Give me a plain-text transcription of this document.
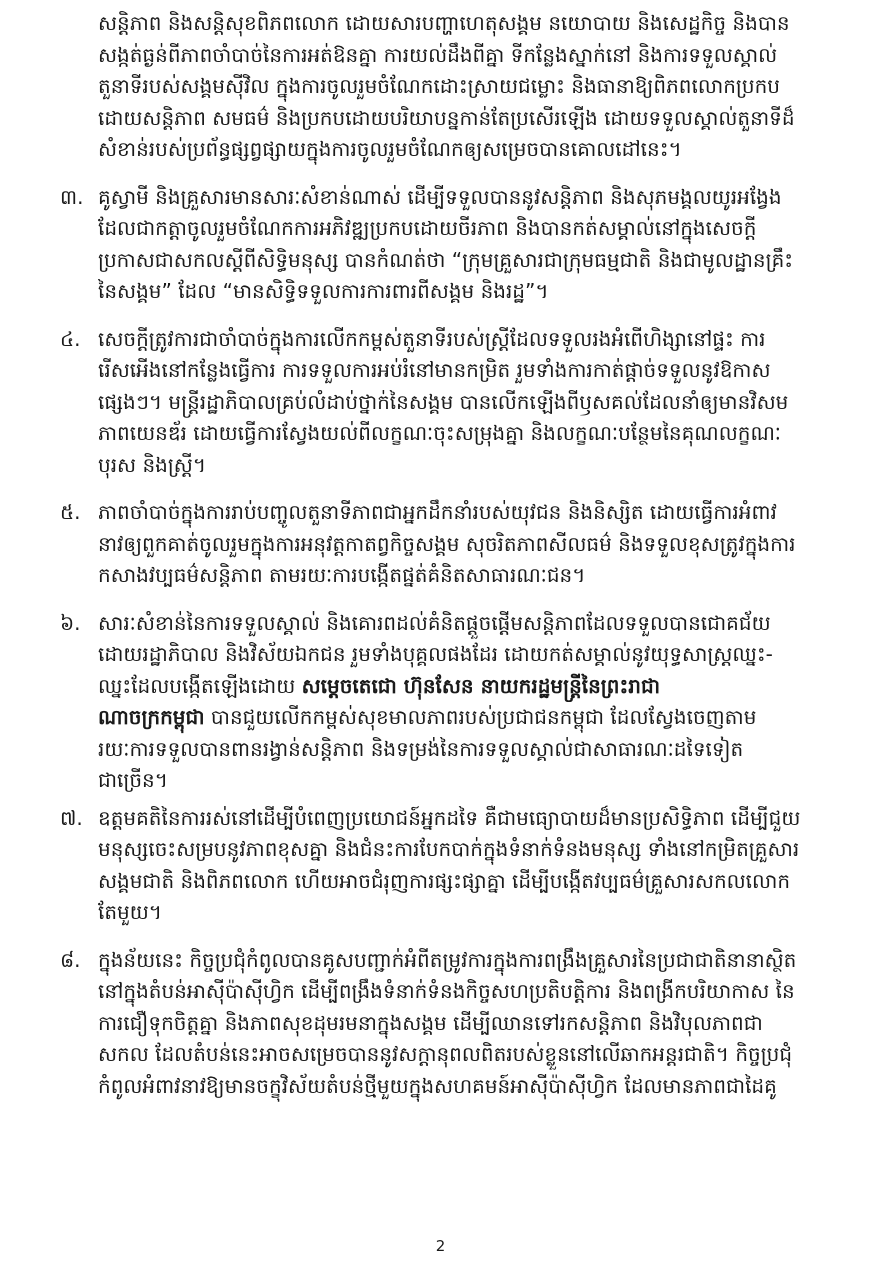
សន្តិភាព និងសន្តិសុខពិភពលោក ដោយសារបញ្ហាហេតុសង្គម នយោបាយ និងសេដ្ឋកិច្ច និងបាន
សង្កត់ធ្ងន់ពីភាពចាំបាច់នៃការអត់ឱនគ្នា ការយល់ដឹងពីគ្នា ទីកន្លែងស្នាក់នៅ និងការទទួលស្គាល់
តួនាទីរបស់សង្គមស៊ីវិល ក្នុងការចូលរួមចំណែកដោះស្រាយជម្លោះ និងធានាឱ្យពិភពលោកប្រកប
ដោយសន្តិភាព សមធម៌ និងប្រកបដោយបរិយាបន្នកាន់តែប្រសើរឡើង ដោយទទួលស្គាល់តួនាទីដ៏
សំខាន់របស់ប្រព័ន្ធផ្សព្វផ្សាយក្នុងការចូលរួមចំណែកឲ្យសម្រេចបានគោលដៅនេះ។
៣. គូស្វាមី និងគ្រួសារមានសារៈសំខាន់ណាស់ ដើម្បីទទួលបាននូវសន្តិភាព និងសុភមង្គលយូរអង្វែង
ដែលជាកត្តាចូលរួមចំណែកការអភិវឌ្ឍប្រកបដោយចីរភាព និងបានកត់សម្គាល់នៅក្នុងសេចក្តី
ប្រកាសជាសកលស្តីពីសិទ្ធិមនុស្ស បានកំណត់ថា “ក្រុមគ្រួសារជាក្រុមធម្មជាតិ និងជាមូលដ្ឋានគ្រឹះ
នៃសង្គម” ដែល “មានសិទ្ធិទទួលការការពារពីសង្គម និងរដ្ឋ”។
៤. សេចក្តីត្រូវការជាចាំបាច់ក្នុងការលើកកម្ពស់តួនាទីរបស់ស្ត្រីដែលទទួលរងអំពើហិង្សានៅផ្ទះ ការ
រើសអើងនៅកន្លែងធ្វើការ ការទទួលការអប់រំនៅមានកម្រិត រួមទាំងការកាត់ផ្តាច់ទទួលនូវឱកាស
ផ្សេងៗ។ មន្ត្រីរដ្ឋាភិបាលគ្រប់លំដាប់ថ្នាក់នៃសង្គម បានលើកឡើងពីឫសគល់ដែលនាំឲ្យមានវិសម
ភាពយេនឌ័រ ដោយធ្វើការស្វែងយល់ពីលក្ខណៈចុះសម្រុងគ្នា និងលក្ខណៈបន្ថែមនៃគុណលក្ខណៈ
បុរស និងស្ត្រី។
៥. ភាពចាំបាច់ក្នុងការរាប់បញ្ចូលតួនាទីភាពជាអ្នកដឹកនាំរបស់យុវជន និងនិស្សិត ដោយធ្វើការអំពាវ
នាវឲ្យពួកគាត់ចូលរួមក្នុងការអនុវត្តកាតព្វកិច្ចសង្គម សុចរិតភាពសីលធម៌ និងទទួលខុសត្រូវក្នុងការ
កសាងវប្បធម៌សន្តិភាព តាមរយៈការបង្កើតផ្នត់គំនិតសាធារណៈជន។
៦. សារៈសំខាន់នៃការទទួលស្គាល់ និងគោរពដល់គំនិតផ្តួចផ្តើមសន្តិភាពដែលទទួលបានជោគជ័យ
ដោយរដ្ឋាភិបាល និងវិស័យឯកជន រួមទាំងបុគ្គលផងដែរ ដោយកត់សម្គាល់នូវយុទ្ធសាស្ត្រឈ្នះ-
ឈ្នះដែលបង្កើតឡើងដោយ សម្តេចតេជោ ហ៊ុនសែន នាយករដ្ឋមន្ត្រីនៃព្រះរាជា
ណាចក្រកម្ពុជា បានជួយលើកកម្ពស់សុខមាលភាពរបស់ប្រជាជនកម្ពុជា ដែលស្វែងចេញតាម
រយៈការទទួលបានពានរង្វាន់សន្តិភាព និងទម្រង់នៃការទទួលស្គាល់ជាសាធារណៈដទៃទៀត
ជាច្រើន។
៧. ឧត្តមគតិនៃការរស់នៅដើម្បីបំពេញប្រយោជន៍អ្នកដទៃ គឺជាមធ្យោបាយដ៏មានប្រសិទ្ធិភាព ដើម្បីជួយ
មនុស្សចេះសម្របនូវភាពខុសគ្នា និងជំនះការបែកបាក់ក្នុងទំនាក់ទំនងមនុស្ស ទាំងនៅកម្រិតគ្រួសារ
សង្គមជាតិ និងពិភពលោក ហើយអាចជំរុញការផ្សះផ្សាគ្នា ដើម្បីបង្កើតវប្បធម៌គ្រួសារសកលលោក
តែមួយ។
៨. ក្នុងន័យនេះ កិច្ចប្រជុំកំពូលបានគូសបញ្ជាក់អំពីតម្រូវការក្នុងការពង្រឹងគ្រួសារនៃប្រជាជាតិនានាស្ថិត
នៅក្នុងតំបន់អាស៊ីប៉ាស៊ីហ្វិក ដើម្បីពង្រឹងទំនាក់ទំនងកិច្ចសហប្រតិបត្តិការ និងពង្រីកបរិយាកាស នៃ
ការជឿទុកចិត្តគ្នា និងភាពសុខដុមរមនាក្នុងសង្គម ដើម្បីឈានទៅរកសន្តិភាព និងវិបុលភាពជា
សកល ដែលតំបន់នេះអាចសម្រេចបាននូវសក្តានុពលពិតរបស់ខ្លួននៅលើឆាកអន្តរជាតិ។ កិច្ចប្រជុំ
កំពូលអំពាវនាវឱ្យមានចក្ខុវិស័យតំបន់ថ្មីមួយក្នុងសហគមន៍អាស៊ីប៉ាស៊ីហ្វិក ដែលមានភាពជាដៃគូ
2
